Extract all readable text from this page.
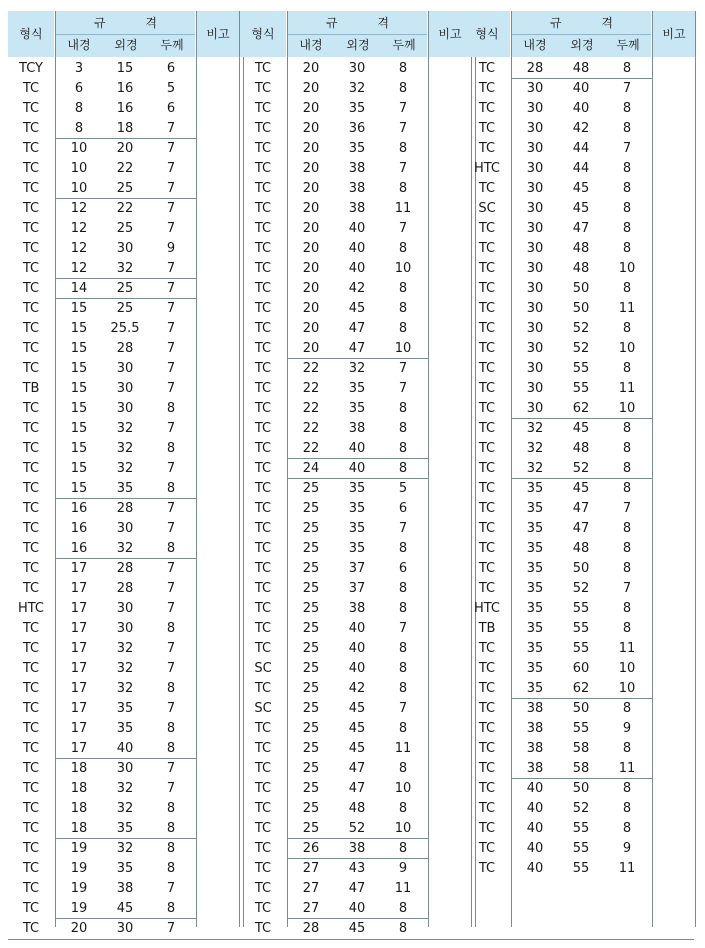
형식
규 격
내경	외경	두께
비고
TCY	3	15	6
TC	6	16	5
TC	8	16	6
TC	8	18	7
TC	10	20	7
TC	10	22	7
TC	10	25	7
TC	12	22	7
TC	12	25	7
TC	12	30	9
TC	12	32	7
TC	14	25	7
TC	15	25	7
TC	15	25.5	7
TC	15	28	7
TC	15	30	7
TB	15	30	7
TC	15	30	8
TC	15	32	7
TC	15	32	8
TC	15	32	7
TC	15	35	8
TC	16	28	7
TC	16	30	7
TC	16	32	8
TC	17	28	7
TC	17	28	7
HTC	17	30	7
TC	17	30	8
TC	17	32	7
TC	17	32	7
TC	17	32	8
TC	17	35	7
TC	17	35	8
TC	17	40	8
TC	18	30	7
TC	18	32	7
TC	18	32	8
TC	18	35	8
TC	19	32	8
TC	19	35	8
TC	19	38	7
TC	19	45	8
TC	20	30	7
형식
규 격
내경	외경	두께
비고
TC	20	30	8
TC	20	32	8
TC	20	35	7
TC	20	36	7
TC	20	35	8
TC	20	38	7
TC	20	38	8
TC	20	38	11
TC	20	40	7
TC	20	40	8
TC	20	40	10
TC	20	42	8
TC	20	45	8
TC	20	47	8
TC	20	47	10
TC	22	32	7
TC	22	35	7
TC	22	35	8
TC	22	38	8
TC	22	40	8
TC	24	40	8
TC	25	35	5
TC	25	35	6
TC	25	35	7
TC	25	35	8
TC	25	37	6
TC	25	37	8
TC	25	38	8
TC	25	40	7
TC	25	40	8
SC	25	40	8
TC	25	42	8
SC	25	45	7
TC	25	45	8
TC	25	45	11
TC	25	47	8
TC	25	47	10
TC	25	48	8
TC	25	52	10
TC	26	38	8
TC	27	43	9
TC	27	47	11
TC	27	40	8
TC	28	45	8
형식
규 격
내경	외경	두께
비고
TC	28	48	8
TC	30	40	7
TC	30	40	8
TC	30	42	8
TC	30	44	7
HTC	30	44	8
TC	30	45	8
SC	30	45	8
TC	30	47	8
TC	30	48	8
TC	30	48	10
TC	30	50	8
TC	30	50	11
TC	30	52	8
TC	30	52	10
TC	30	55	8
TC	30	55	11
TC	30	62	10
TC	32	45	8
TC	32	48	8
TC	32	52	8
TC	35	45	8
TC	35	47	7
TC	35	47	8
TC	35	48	8
TC	35	50	8
TC	35	52	7
HTC	35	55	8
TB	35	55	8
TC	35	55	11
TC	35	60	10
TC	35	62	10
TC	38	50	8
TC	38	55	9
TC	38	58	8
TC	38	58	11
TC	40	50	8
TC	40	52	8
TC	40	55	8
TC	40	55	9
TC	40	55	11
